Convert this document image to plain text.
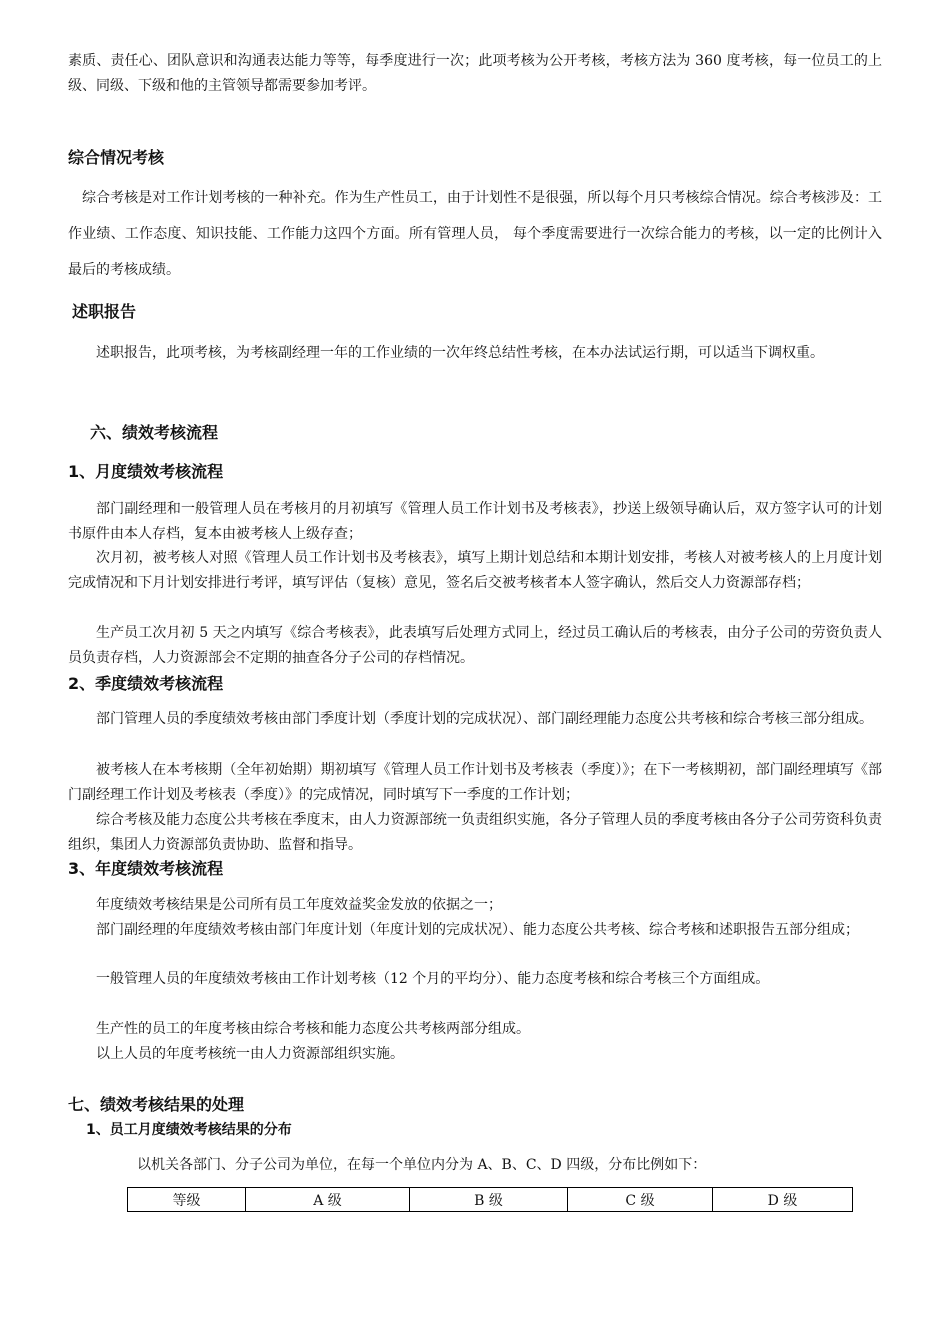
素质、责任心、团队意识和沟通表达能力等等，每季度进行一次；此项考核为公开考核，考核方法为 360 度考核，每一位员工的上级、同级、下级和他的主管领导都需要参加考评。

综合情况考核

综合考核是对工作计划考核的一种补充。作为生产性员工，由于计划性不是很强，所以每个月只考核综合情况。综合考核涉及：工作业绩、工作态度、知识技能、工作能力这四个方面。所有管理人员， 每个季度需要进行一次综合能力的考核，以一定的比例计入最后的考核成绩。

述职报告

述职报告，此项考核，为考核副经理一年的工作业绩的一次年终总结性考核，在本办法试运行期，可以适当下调权重。

六、绩效考核流程
1、月度绩效考核流程

部门副经理和一般管理人员在考核月的月初填写《管理人员工作计划书及考核表》，抄送上级领导确认后，双方签字认可的计划书原件由本人存档，复本由被考核人上级存查；

次月初，被考核人对照《管理人员工作计划书及考核表》，填写上期计划总结和本期计划安排，考核人对被考核人的上月度计划完成情况和下月计划安排进行考评，填写评估（复核）意见，签名后交被考核者本人签字确认，然后交人力资源部存档；

生产员工次月初 5 天之内填写《综合考核表》，此表填写后处理方式同上，经过员工确认后的考核表，由分子公司的劳资负责人员负责存档，人力资源部会不定期的抽查各分子公司的存档情况。

2、季度绩效考核流程

部门管理人员的季度绩效考核由部门季度计划（季度计划的完成状况）、部门副经理能力态度公共考核和综合考核三部分组成。

被考核人在本考核期（全年初始期）期初填写《管理人员工作计划书及考核表（季度）》；在下一考核期初，部门副经理填写《部门副经理工作计划及考核表（季度）》的完成情况，同时填写下一季度的工作计划；

综合考核及能力态度公共考核在季度末，由人力资源部统一负责组织实施，各分子管理人员的季度考核由各分子公司劳资科负责组织，集团人力资源部负责协助、监督和指导。

3、年度绩效考核流程

年度绩效考核结果是公司所有员工年度效益奖金发放的依据之一；

部门副经理的年度绩效考核由部门年度计划（年度计划的完成状况）、能力态度公共考核、综合考核和述职报告五部分组成；

一般管理人员的年度绩效考核由工作计划考核（12 个月的平均分）、能力态度考核和综合考核三个方面组成。

生产性的员工的年度考核由综合考核和能力态度公共考核两部分组成。

以上人员的年度考核统一由人力资源部组织实施。

七、绩效考核结果的处理
1、员工月度绩效考核结果的分布

以机关各部门、分子公司为单位，在每一个单位内分为 A、B、C、D 四级，分布比例如下：

等级	A 级	B 级	C 级	D 级
